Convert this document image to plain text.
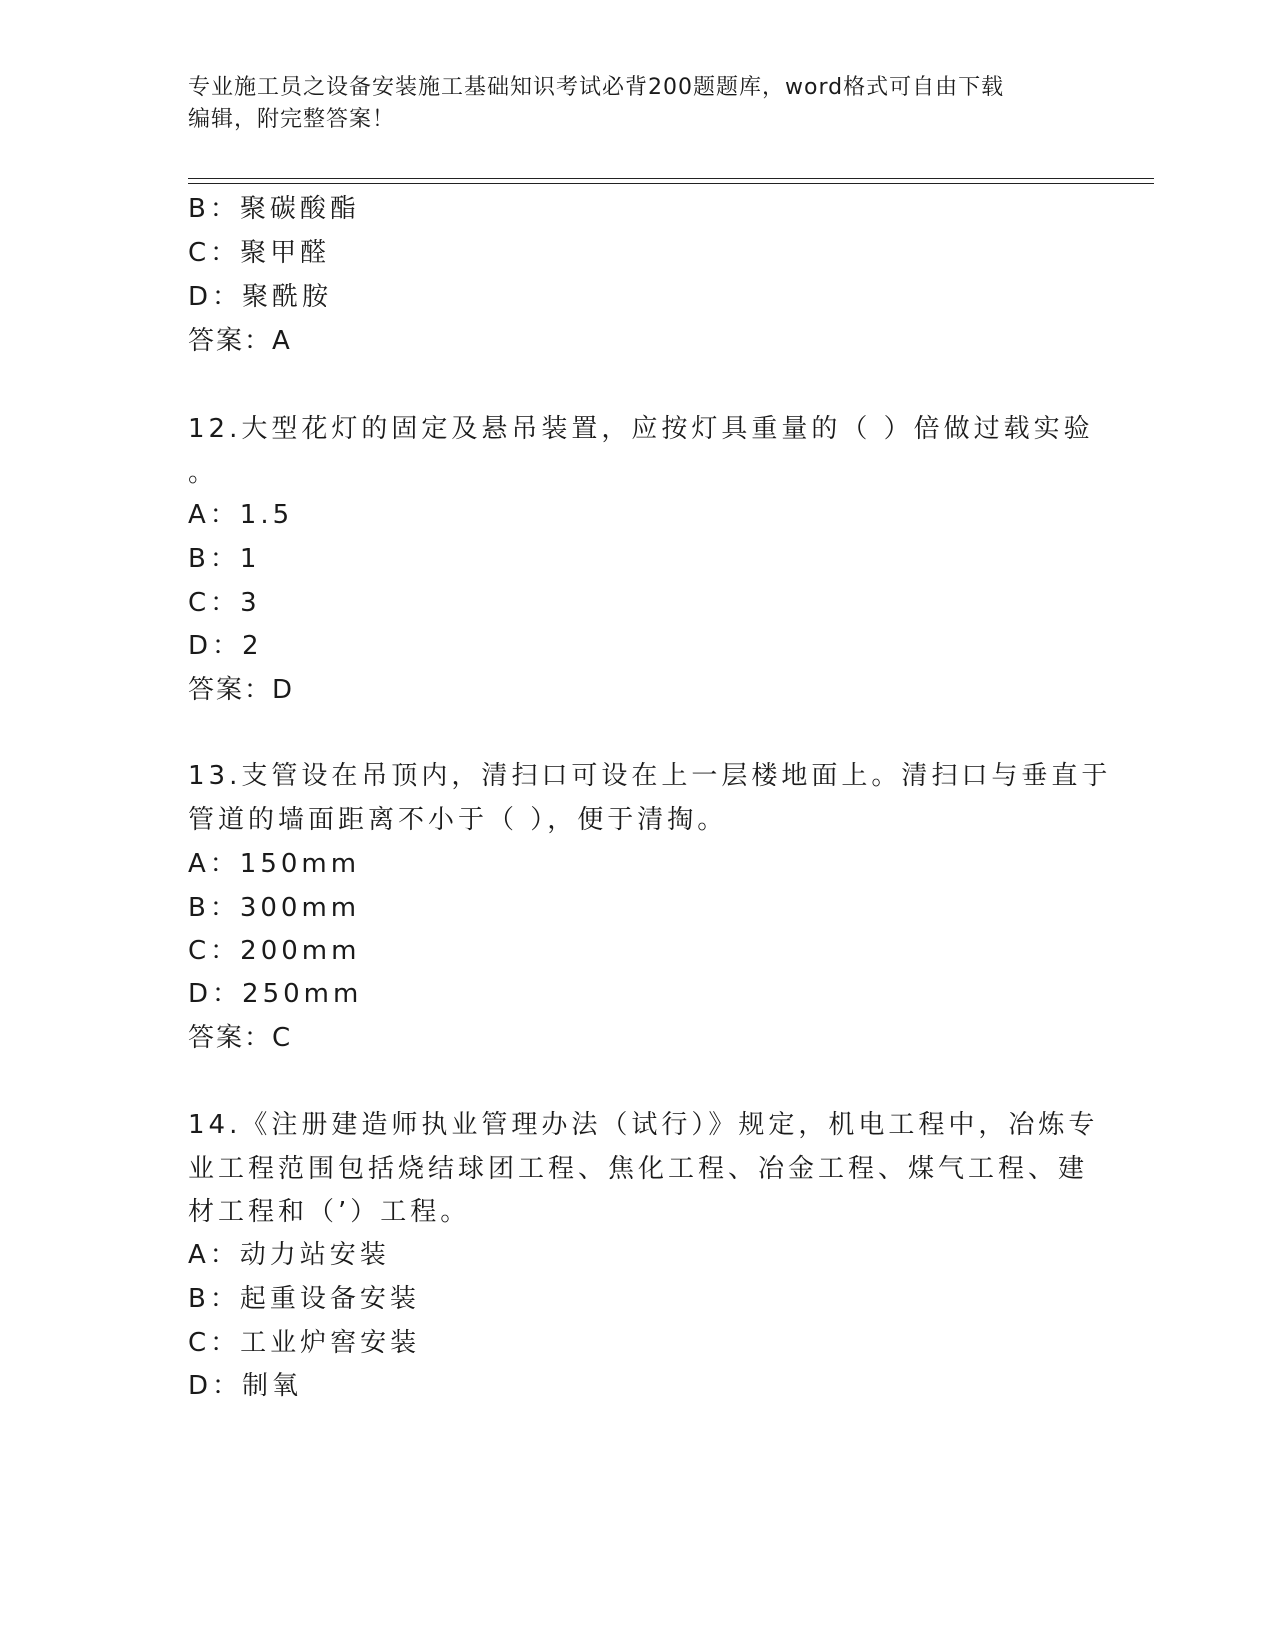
专业施工员之设备安装施工基础知识考试必背200题题库，word格式可自由下载
编辑，附完整答案！
B：聚碳酸酯
C：聚甲醛
D：聚酰胺
答案：A
12.大型花灯的固定及悬吊装置，应按灯具重量的（ ）倍做过载实验
。
A：1.5
B：1
C：3
D：2
答案：D
13.支管设在吊顶内，清扫口可设在上一层楼地面上。清扫口与垂直于
管道的墙面距离不小于（ ），便于清掏。
A：150mm
B：300mm
C：200mm
D：250mm
答案：C
14.《注册建造师执业管理办法（试行）》规定，机电工程中，冶炼专
业工程范围包括烧结球团工程、焦化工程、冶金工程、煤气工程、建
材工程和（’）工程。
A：动力站安装
B：起重设备安装
C：工业炉窖安装
D：制氧
